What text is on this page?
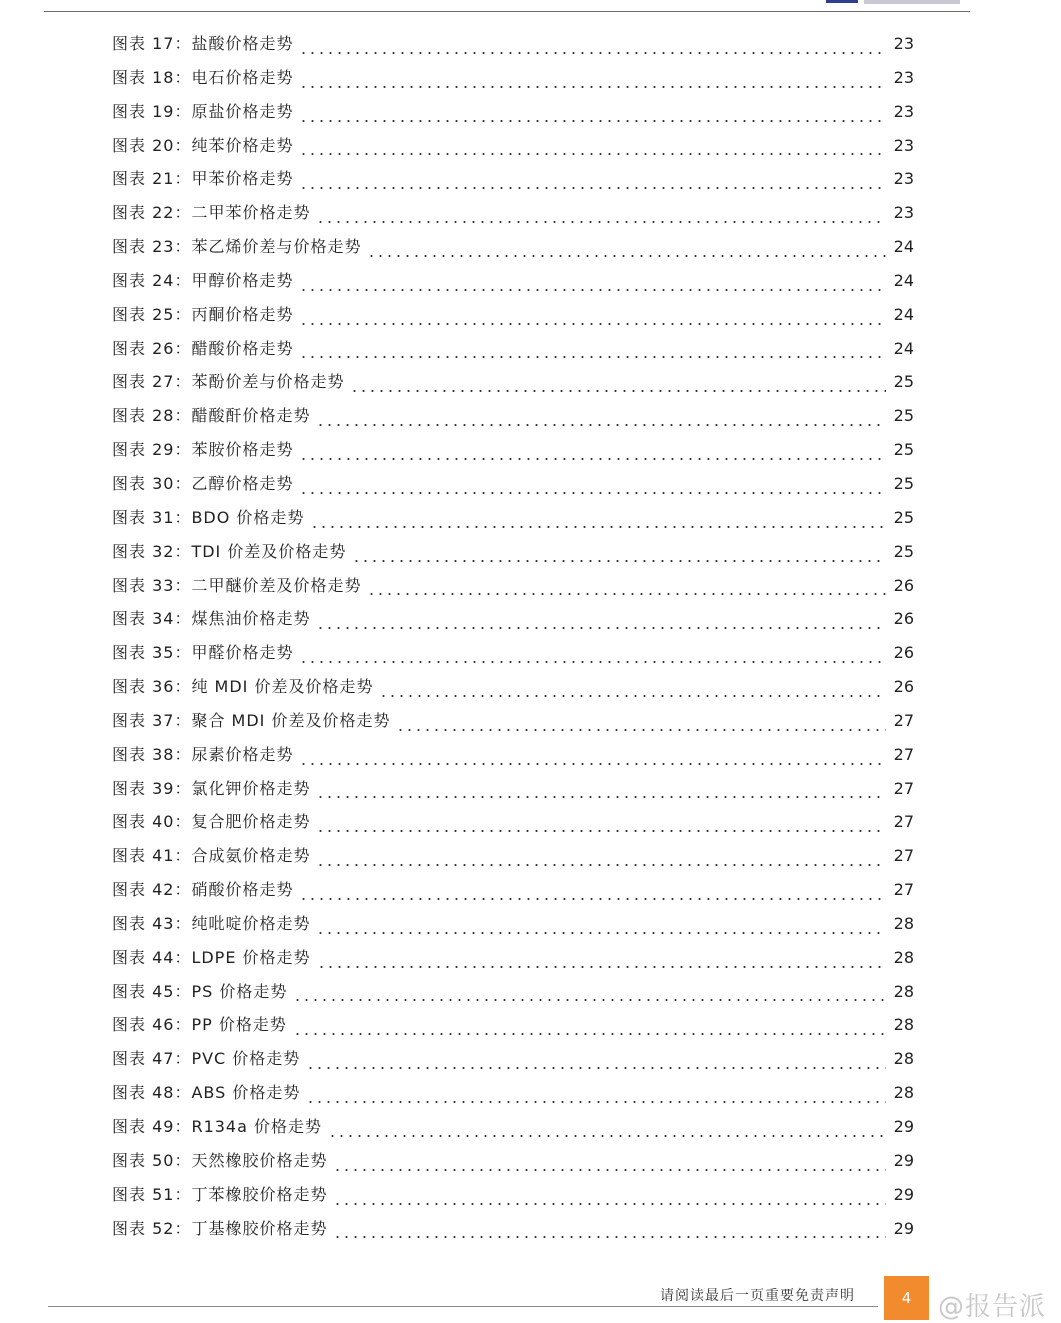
图表 17：盐酸价格走势	23
图表 18：电石价格走势	23
图表 19：原盐价格走势	23
图表 20：纯苯价格走势	23
图表 21：甲苯价格走势	23
图表 22：二甲苯价格走势	23
图表 23：苯乙烯价差与价格走势	24
图表 24：甲醇价格走势	24
图表 25：丙酮价格走势	24
图表 26：醋酸价格走势	24
图表 27：苯酚价差与价格走势	25
图表 28：醋酸酐价格走势	25
图表 29：苯胺价格走势	25
图表 30：乙醇价格走势	25
图表 31：BDO 价格走势	25
图表 32：TDI 价差及价格走势	25
图表 33：二甲醚价差及价格走势	26
图表 34：煤焦油价格走势	26
图表 35：甲醛价格走势	26
图表 36：纯 MDI 价差及价格走势	26
图表 37：聚合 MDI 价差及价格走势	27
图表 38：尿素价格走势	27
图表 39：氯化钾价格走势	27
图表 40：复合肥价格走势	27
图表 41：合成氨价格走势	27
图表 42：硝酸价格走势	27
图表 43：纯吡啶价格走势	28
图表 44：LDPE 价格走势	28
图表 45：PS 价格走势	28
图表 46：PP 价格走势	28
图表 47：PVC 价格走势	28
图表 48：ABS 价格走势	28
图表 49：R134a 价格走势	29
图表 50：天然橡胶价格走势	29
图表 51：丁苯橡胶价格走势	29
图表 52：丁基橡胶价格走势	29
请阅读最后一页重要免责声明	4	@报告派
